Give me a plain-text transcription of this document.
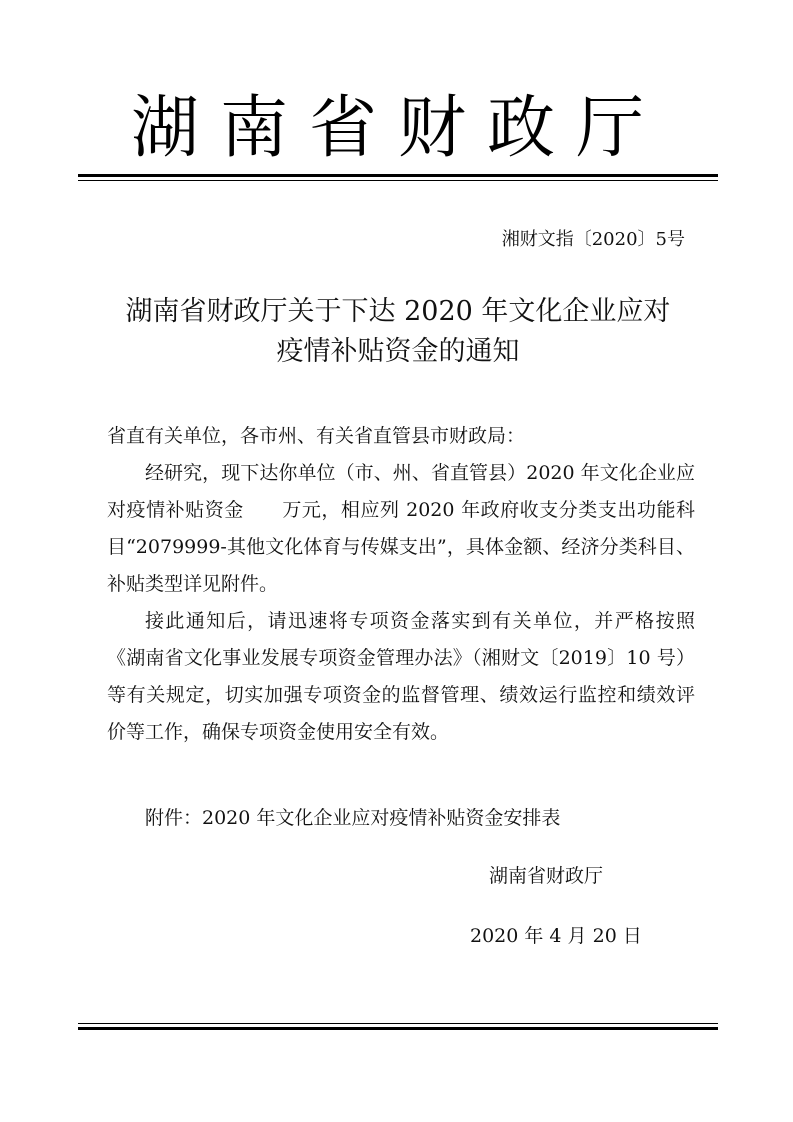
湖南省财政厅
湘财文指〔2020〕5号
湖南省财政厅关于下达 2020 年文化企业应对
疫情补贴资金的通知
省直有关单位，各市州、有关省直管县市财政局：
经研究，现下达你单位（市、州、省直管县）2020 年文化企业应对疫情补贴资金 万元，相应列 2020 年政府收支分类支出功能科目“2079999-其他文化体育与传媒支出”，具体金额、经济分类科目、补贴类型详见附件。
接此通知后，请迅速将专项资金落实到有关单位，并严格按照《湖南省文化事业发展专项资金管理办法》（湘财文〔2019〕10 号）等有关规定，切实加强专项资金的监督管理、绩效运行监控和绩效评价等工作，确保专项资金使用安全有效。
附件：2020 年文化企业应对疫情补贴资金安排表
湖南省财政厅
2020 年 4 月 20 日
